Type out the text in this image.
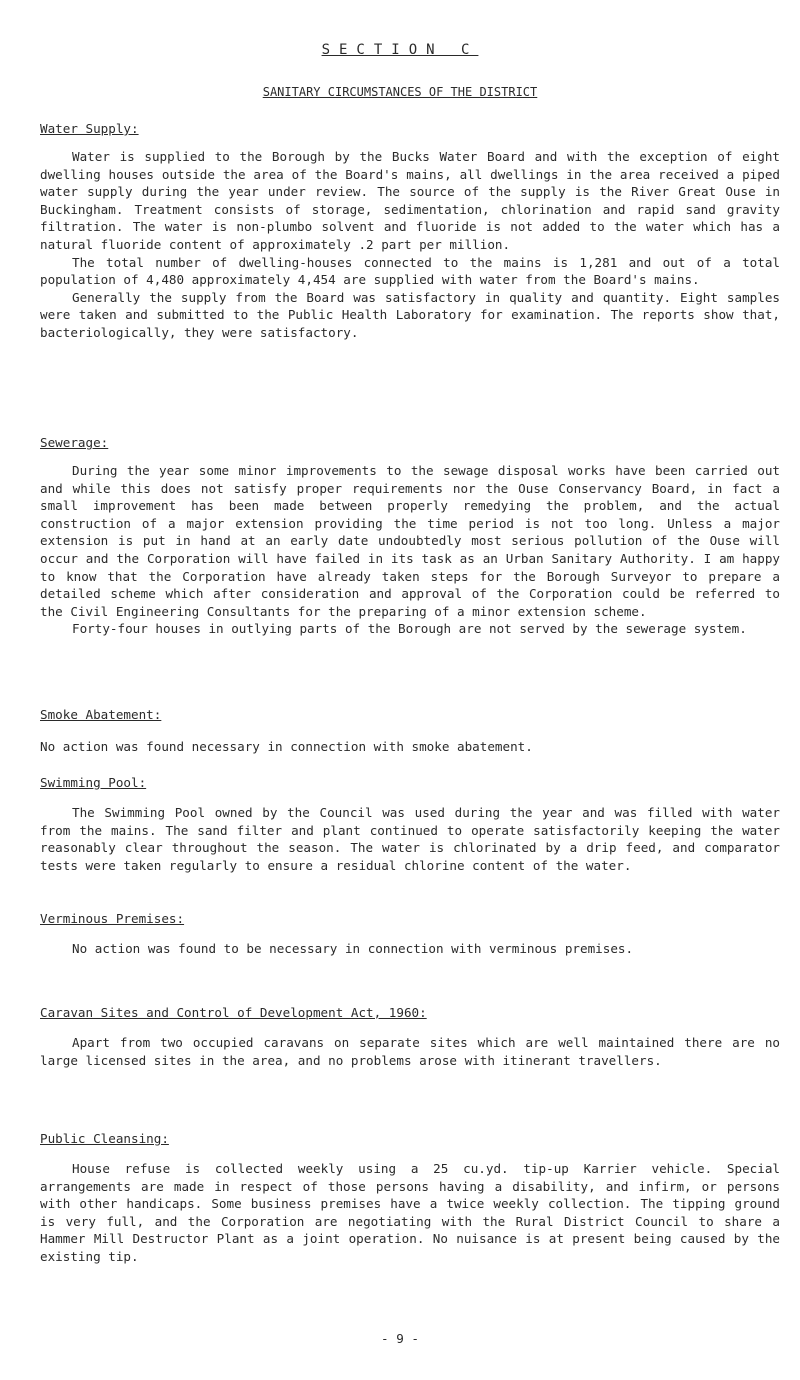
SECTION C
SANITARY CIRCUMSTANCES OF THE DISTRICT
Water Supply:

Water is supplied to the Borough by the Bucks Water Board and with the exception of eight dwelling houses outside the area of the Board's mains, all dwellings in the area received a piped water supply during the year under review. The source of the supply is the River Great Ouse in Buckingham. Treatment consists of storage, sedimentation, chlorination and rapid sand gravity filtration. The water is non-plumbo solvent and fluoride is not added to the water which has a natural fluoride content of approximately .2 part per million.

The total number of dwelling-houses connected to the mains is 1,281 and out of a total population of 4,480 approximately 4,454 are supplied with water from the Board's mains.

Generally the supply from the Board was satisfactory in quality and quantity. Eight samples were taken and submitted to the Public Health Laboratory for examination. The reports show that, bacteriologically, they were satisfactory.

Sewerage:

During the year some minor improvements to the sewage disposal works have been carried out and while this does not satisfy proper requirements nor the Ouse Conservancy Board, in fact a small improvement has been made between properly remedying the problem, and the actual construction of a major extension providing the time period is not too long. Unless a major extension is put in hand at an early date undoubtedly most serious pollution of the Ouse will occur and the Corporation will have failed in its task as an Urban Sanitary Authority. I am happy to know that the Corporation have already taken steps for the Borough Surveyor to prepare a detailed scheme which after consideration and approval of the Corporation could be referred to the Civil Engineering Consultants for the preparing of a minor extension scheme.

Forty-four houses in outlying parts of the Borough are not served by the sewerage system.

Smoke Abatement:

No action was found necessary in connection with smoke abatement.

Swimming Pool:

The Swimming Pool owned by the Council was used during the year and was filled with water from the mains. The sand filter and plant continued to operate satisfactorily keeping the water reasonably clear throughout the season. The water is chlorinated by a drip feed, and comparator tests were taken regularly to ensure a residual chlorine content of the water.

Verminous Premises:

No action was found to be necessary in connection with verminous premises.

Caravan Sites and Control of Development Act, 1960:

Apart from two occupied caravans on separate sites which are well maintained there are no large licensed sites in the area, and no problems arose with itinerant travellers.

Public Cleansing:

House refuse is collected weekly using a 25 cu.yd. tip-up Karrier vehicle. Special arrangements are made in respect of those persons having a disability, and infirm, or persons with other handicaps. Some business premises have a twice weekly collection. The tipping ground is very full, and the Corporation are negotiating with the Rural District Council to share a Hammer Mill Destructor Plant as a joint operation. No nuisance is at present being caused by the existing tip.

- 9 -
